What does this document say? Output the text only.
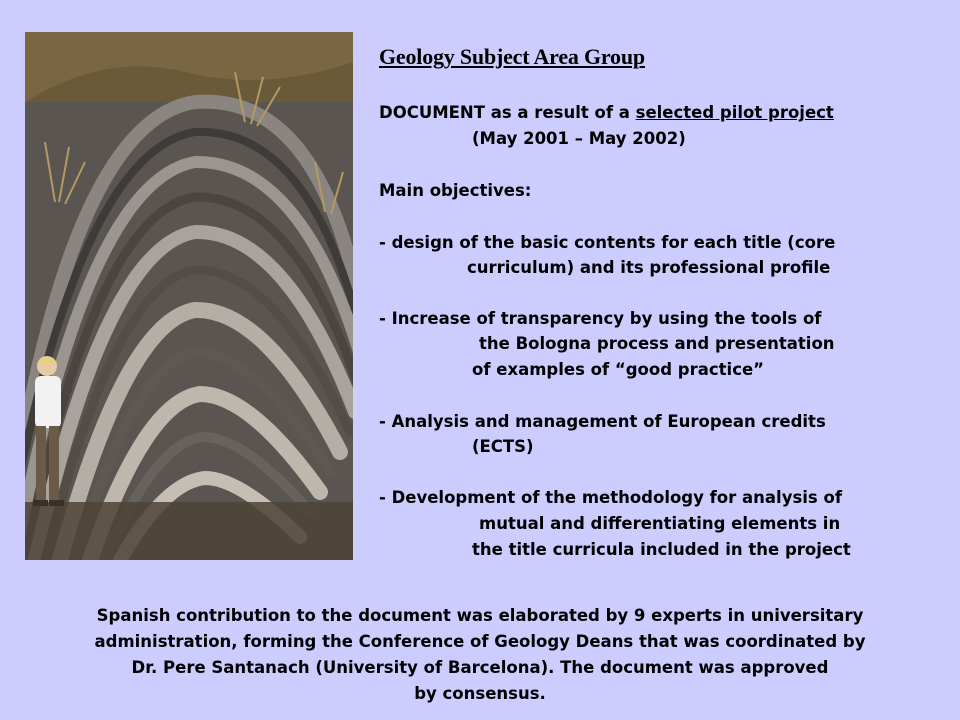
Geology Subject Area Group

DOCUMENT as a result of a selected pilot project

(May 2001 – May 2002)

Main objectives:

- design of the basic contents for each title (core

curriculum) and its professional profile

- Increase of transparency by using the tools of

the Bologna process and presentation

of examples of “good practice”

- Analysis and management of European credits

(ECTS)

- Development of the methodology for analysis of

mutual and differentiating elements in

the title curricula included in the project

Spanish contribution to the document was elaborated by 9 experts in universitary
administration, forming the Conference of Geology Deans that was coordinated by
Dr. Pere Santanach (University of Barcelona). The document was approved
by consensus.
